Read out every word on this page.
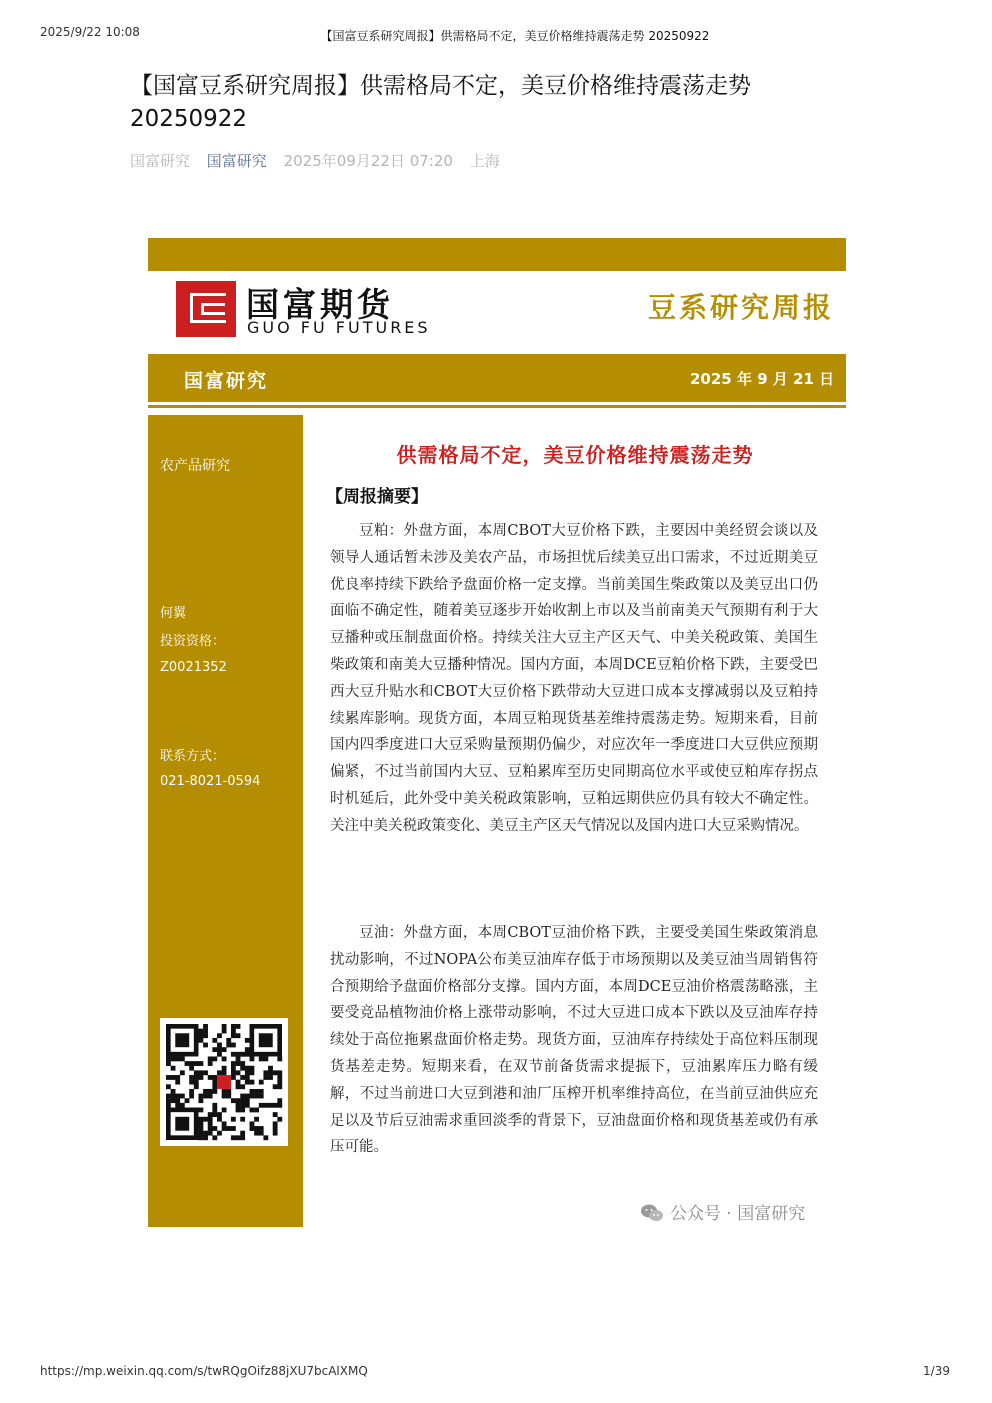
2025/9/22 10:08	【国富豆系研究周报】供需格局不定，美豆价格维持震荡走势 20250922
【国富豆系研究周报】供需格局不定，美豆价格维持震荡走势20250922
国富研究 国富研究 2025年09月22日 07:20 上海
国富期货
GUO FU FUTURES
豆系研究周报
国富研究	2025 年 9 月 21 日
农产品研究
何翼
投资资格：
Z0021352
联系方式：
021-8021-0594
供需格局不定，美豆价格维持震荡走势
【周报摘要】

豆粕：外盘方面，本周CBOT大豆价格下跌，主要因中美经贸会谈以及领导人通话暂未涉及美农产品，市场担忧后续美豆出口需求，不过近期美豆优良率持续下跌给予盘面价格一定支撑。当前美国生柴政策以及美豆出口仍面临不确定性，随着美豆逐步开始收割上市以及当前南美天气预期有利于大豆播种或压制盘面价格。持续关注大豆主产区天气、中美关税政策、美国生柴政策和南美大豆播种情况。国内方面，本周DCE豆粕价格下跌，主要受巴西大豆升贴水和CBOT大豆价格下跌带动大豆进口成本支撑减弱以及豆粕持续累库影响。现货方面，本周豆粕现货基差维持震荡走势。短期来看，目前国内四季度进口大豆采购量预期仍偏少，对应次年一季度进口大豆供应预期偏紧，不过当前国内大豆、豆粕累库至历史同期高位水平或使豆粕库存拐点时机延后，此外受中美关税政策影响，豆粕远期供应仍具有较大不确定性。关注中美关税政策变化、美豆主产区天气情况以及国内进口大豆采购情况。

豆油：外盘方面，本周CBOT豆油价格下跌，主要受美国生柴政策消息扰动影响，不过NOPA公布美豆油库存低于市场预期以及美豆油当周销售符合预期给予盘面价格部分支撑。国内方面，本周DCE豆油价格震荡略涨，主要受竞品植物油价格上涨带动影响，不过大豆进口成本下跌以及豆油库存持续处于高位拖累盘面价格走势。现货方面，豆油库存持续处于高位料压制现货基差走势。短期来看，在双节前备货需求提振下，豆油累库压力略有缓解，不过当前进口大豆到港和油厂压榨开机率维持高位，在当前豆油供应充足以及节后豆油需求重回淡季的背景下，豆油盘面价格和现货基差或仍有承压可能。

公众号 · 国富研究
https://mp.weixin.qq.com/s/twRQgOifz88jXU7bcAlXMQ	1/39
